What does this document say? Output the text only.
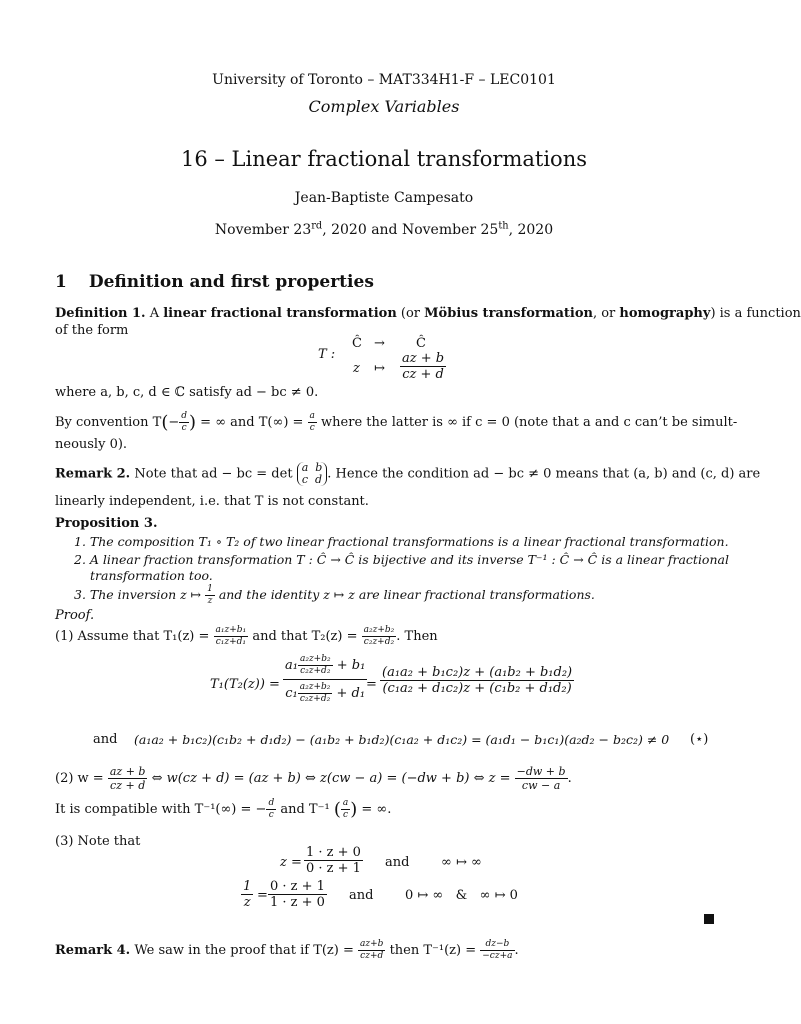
University of Toronto – MAT334H1-F – LEC0101
Complex Variables
16 – Linear fractional transformations
Jean-Baptiste Campesato
November 23rd, 2020 and November 25th, 2020
1 Definition and first properties
Definition 1. A linear fractional transformation (or Möbius transformation, or homography) is a function
of the form
T :
Ĉ → Ĉ
z ↦ $\frac{az + b}{cz + d}$
where a, b, c, d ∈ ℂ satisfy ad − bc ≠ 0.
By convention $T(- \frac{d}{c}$ ) = ∞ and $T(\infty) = \frac{a}{c}$ where the latter is ∞ if c = 0 (note that a and c can’t be simult-
neously 0).
Remark 2. Note that ad − bc = det a b
c d . Hence the condition ad − bc ≠ 0 means that (a, b) and (c, d) are
linearly independent, i.e. that T is not constant.
Proposition 3.
1. The composition T₁ ∘ T₂ of two linear fractional transformations is a linear fractional transformation.
2. A linear fraction transformation T : Ĉ → Ĉ is bijective and its inverse T⁻¹ : Ĉ → Ĉ is a linear fractional
transformation too.
3. The inversion z ↦ $\frac{1}{z}$ and the identity z ↦ z are linear fractional transformations.
Proof.
(1) Assume that $T_1(z) = \frac{\text{a₁z+b₁}}{\text{c₁z+d₁}}$ and that $T_2(z) = \frac{\text{a₂z+b₂}}{\text{c₂z+d₂}}$ . Then
$T_1(T_2(z)) = \frac{a_1 \frac{\text{a₂z+b₂}}{\text{c₂z+d₂}} + b_1}{c_1 \frac{\text{a₂z+b₂}}{\text{c₂z+d₂}} + d_1}$
= $\frac{\text{(a₁a₂ + b₁c₂)z + (a₁b₂ + b₁d₂)}}{\text{(c₁a₂ + d₁c₂)z + (c₁b₂ + d₁d₂)}}$
and (a₁a₂ + b₁c₂)(c₁b₂ + d₁d₂) − (a₁b₂ + b₁d₂)(c₁a₂ + d₁c₂) = (a₁d₁ − b₁c₁)(a₂d₂ − b₂c₂) ≠ 0 (⋆)
(2) $w = \frac{az + b}{cz + d}$ ⇔ w(cz + d) = (az + b) ⇔ z(cw − a) = (−dw + b) ⇔ $z = \frac{-dw + b}{cw - a}$ .
It is compatible with T⁻¹(∞) = − $\frac{d}{c}$ and T⁻¹ ( $\frac{a}{c}$ ) = ∞.
(3) Note that
$z = \frac{1 \cdot z + 0}{0 \cdot z + 1}$ and ∞ ↦ ∞
$\frac{1}{z} = \frac{0 \cdot z + 1}{1 \cdot z + 0}$ and 0 ↦ ∞   &   ∞ ↦ 0
Remark 4. We saw in the proof that if $T(z) = \frac{az+b}{cz+d}$ then $T^{-1}(z) = \frac{dz-b}{-cz+a}$ .
